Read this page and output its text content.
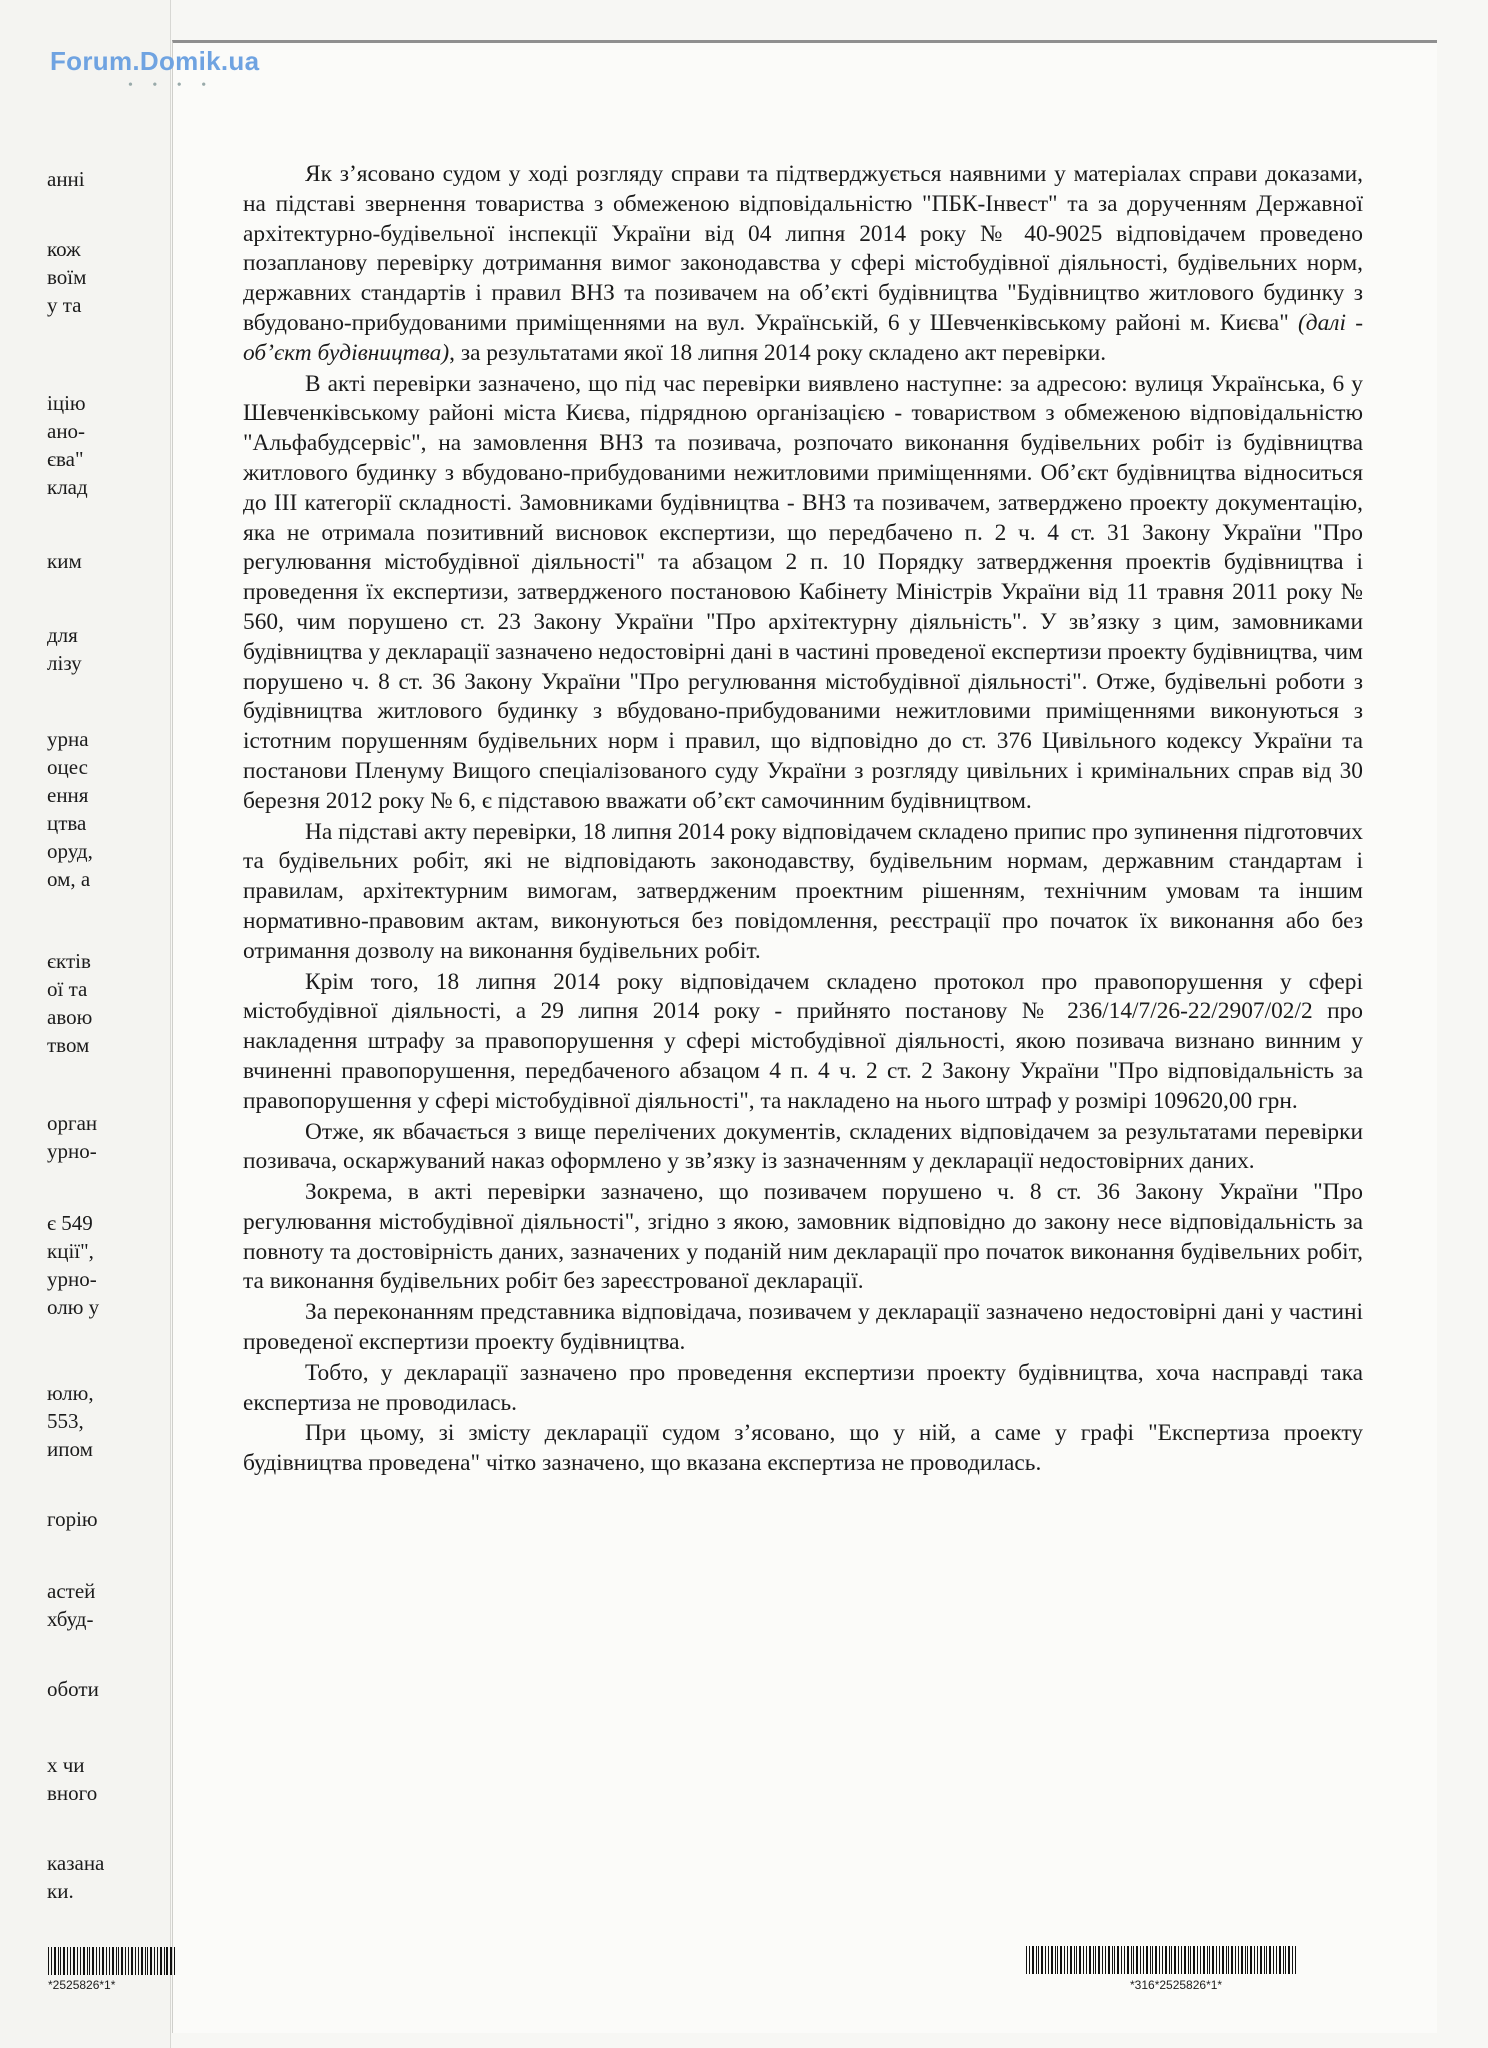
Forum.Domik.ua
• • • •
анні
кож
воїм
у та
іцію
ано-
єва"
клад
ким
для
лізу
урна
оцес
ення
цтва
оруд,
ом, а
єктів
ої та
авою
твом
орган
урно-
є 549
кції",
урно-
олю у
юлю,
553,
ипом
горію
астей
хбуд-
оботи
х чи
вного
казана
ки.

Як з’ясовано судом у ході розгляду справи та підтверджується наявними у матеріалах справи доказами, на підставі звернення товариства з обмеженою відповідальністю "ПБК-Інвест" та за дорученням Державної архітектурно-будівельної інспекції України від 04 липня 2014 року № 40-9025 відповідачем проведено позапланову перевірку дотримання вимог законодавства у сфері містобудівної діяльності, будівельних норм, державних стандартів і правил ВНЗ та позивачем на об’єкті будівництва "Будівництво житлового будинку з вбудовано-прибудованими приміщеннями на вул. Українській, 6 у Шевченківському районі м. Києва" (далі - об’єкт будівництва), за результатами якої 18 липня 2014 року складено акт перевірки.

В акті перевірки зазначено, що під час перевірки виявлено наступне: за адресою: вулиця Українська, 6 у Шевченківському районі міста Києва, підрядною організацією - товариством з обмеженою відповідальністю "Альфабудсервіс", на замовлення ВНЗ та позивача, розпочато виконання будівельних робіт із будівництва житлового будинку з вбудовано-прибудованими нежитловими приміщеннями. Об’єкт будівництва відноситься до III категорії складності. Замовниками будівництва - ВНЗ та позивачем, затверджено проекту документацію, яка не отримала позитивний висновок експертизи, що передбачено п. 2 ч. 4 ст. 31 Закону України "Про регулювання містобудівної діяльності" та абзацом 2 п. 10 Порядку затвердження проектів будівництва і проведення їх експертизи, затвердженого постановою Кабінету Міністрів України від 11 травня 2011 року № 560, чим порушено ст. 23 Закону України "Про архітектурну діяльність". У зв’язку з цим, замовниками будівництва у декларації зазначено недостовірні дані в частині проведеної експертизи проекту будівництва, чим порушено ч. 8 ст. 36 Закону України "Про регулювання містобудівної діяльності". Отже, будівельні роботи з будівництва житлового будинку з вбудовано-прибудованими нежитловими приміщеннями виконуються з істотним порушенням будівельних норм і правил, що відповідно до ст. 376 Цивільного кодексу України та постанови Пленуму Вищого спеціалізованого суду України з розгляду цивільних і кримінальних справ від 30 березня 2012 року № 6, є підставою вважати об’єкт самочинним будівництвом.

На підставі акту перевірки, 18 липня 2014 року відповідачем складено припис про зупинення підготовчих та будівельних робіт, які не відповідають законодавству, будівельним нормам, державним стандартам і правилам, архітектурним вимогам, затвердженим проектним рішенням, технічним умовам та іншим нормативно-правовим актам, виконуються без повідомлення, реєстрації про початок їх виконання або без отримання дозволу на виконання будівельних робіт.

Крім того, 18 липня 2014 року відповідачем складено протокол про правопорушення у сфері містобудівної діяльності, а 29 липня 2014 року - прийнято постанову № 236/14/7/26-22/2907/02/2 про накладення штрафу за правопорушення у сфері містобудівної діяльності, якою позивача визнано винним у вчиненні правопорушення, передбаченого абзацом 4 п. 4 ч. 2 ст. 2 Закону України "Про відповідальність за правопорушення у сфері містобудівної діяльності", та накладено на нього штраф у розмірі 109620,00 грн.

Отже, як вбачається з вище перелічених документів, складених відповідачем за результатами перевірки позивача, оскаржуваний наказ оформлено у зв’язку із зазначенням у декларації недостовірних даних.

Зокрема, в акті перевірки зазначено, що позивачем порушено ч. 8 ст. 36 Закону України "Про регулювання містобудівної діяльності", згідно з якою, замовник відповідно до закону несе відповідальність за повноту та достовірність даних, зазначених у поданій ним декларації про початок виконання будівельних робіт, та виконання будівельних робіт без зареєстрованої декларації.

За переконанням представника відповідача, позивачем у декларації зазначено недостовірні дані у частині проведеної експертизи проекту будівництва.

Тобто, у декларації зазначено про проведення експертизи проекту будівництва, хоча насправді така експертиза не проводилась.

При цьому, зі змісту декларації судом з’ясовано, що у ній, а саме у графі "Експертиза проекту будівництва проведена" чітко зазначено, що вказана експертиза не проводилась.

*2525826*1*	*316*2525826*1*
